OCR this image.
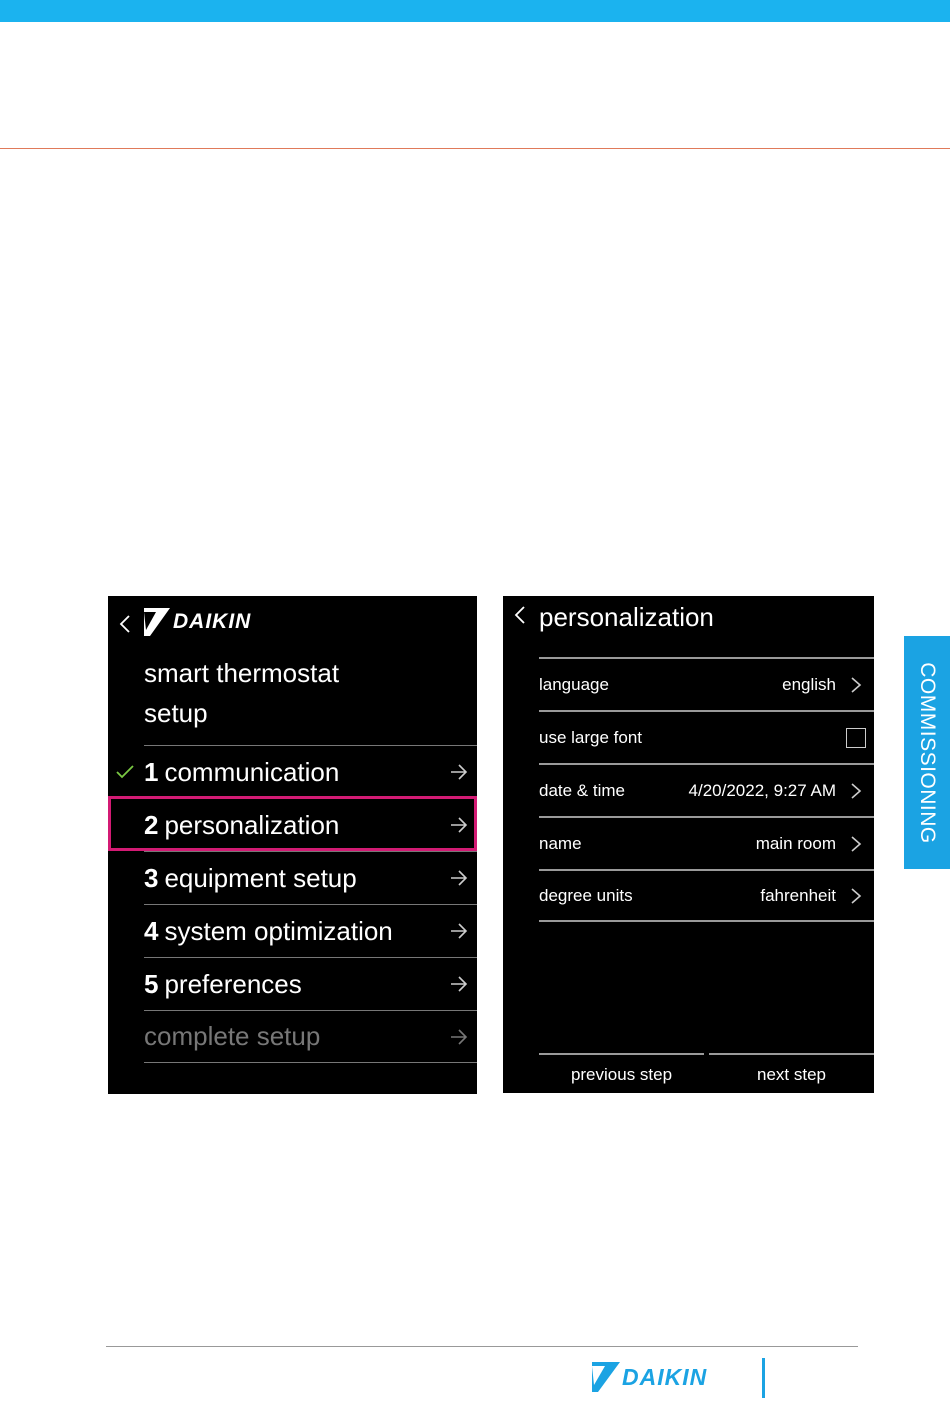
COMMISSIONING
DAIKIN
smart thermostat
setup
1 communication
2 personalization
3 equipment setup
4 system optimization
5 preferences
complete setup
personalization
language	english
use large font
date & time	4/20/2022, 9:27 AM
name	main room
degree units	fahrenheit
previous step	next step
DAIKIN
